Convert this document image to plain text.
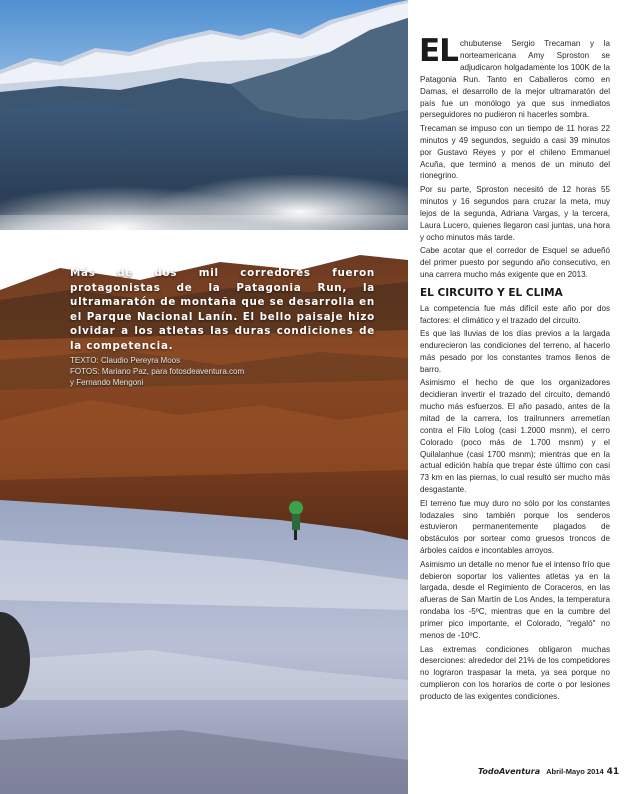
Más de dos mil corredores fueron protagonistas de la Patagonia Run, la ultramaratón de montaña que se desarrolla en el Parque Nacional Lanín. El bello paisaje hizo olvidar a los atletas las duras condiciones de la competencia.

TEXTO: Claudio Pereyra Moos
FOTOS: Mariano Paz, para fotosdeaventura.com
y Fernando Mengoni

EL chubutense Sergio Trecaman y la norteamericana Amy Sproston se adjudicaron holgadamente los 100K de la Patagonia Run. Tanto en Caballeros como en Damas, el desarrollo de la mejor ultramaratón del país fue un monólogo ya que sus inmediatos perseguidores no pudieron ni hacerles sombra.

Trecaman se impuso con un tiempo de 11 horas 22 minutos y 49 segundos, seguido a casi 39 minutos por Gustavo Reyes y por el chileno Emmanuel Acuña, que terminó a menos de un minuto del rionegrino.

Por su parte, Sproston necesitó de 12 horas 55 minutos y 16 segundos para cruzar la meta, muy lejos de la segunda, Adriana Vargas, y la tercera, Laura Lucero, quienes llegaron casi juntas, una hora y ocho minutos más tarde.

Cabe acotar que el corredor de Esquel se adueñó del primer puesto por segundo año consecutivo, en una carrera mucho más exigente que en 2013.

EL CIRCUITO Y EL CLIMA

La competencia fue más difícil este año por dos factores: el climático y el trazado del circuito.

Es que las lluvias de los días previos a la largada endurecieron las condiciones del terreno, al hacerlo más pesado por los constantes tramos llenos de barro.

Asimismo el hecho de que los organizadores decidieran invertir el trazado del circuito, demandó mucho más esfuerzos. El año pasado, antes de la mitad de la carrera, los trailrunners arremetían contra el Filo Lolog (casi 1.2000 msnm), el cerro Colorado (poco más de 1.700 msnm) y el Quilalanhue (casi 1700 msnm); mientras que en la actual edición había que trepar éste último con casi 73 km en las piernas, lo cual resultó ser mucho más desgastante.

El terreno fue muy duro no sólo por los constantes lodazales sino también porque los senderos estuvieron permanentemente plagados de obstáculos por sortear como gruesos troncos de árboles caídos e incontables arroyos.

Asimismo un detalle no menor fue el intenso frío que debieron soportar los valientes atletas ya en la largada, desde el Regimiento de Coraceros, en las afueras de San Martín de Los Andes, la temperatura rondaba los -5ºC, mientras que en la cumbre del primer pico importante, el Colorado, "regaló" no menos de -10ºC.

Las extremas condiciones obligaron muchas deserciones: alrededor del 21% de los competidores no lograron traspasar la meta, ya sea porque no cumplieron con los horarios de corte o por lesiones producto de las exigentes condiciones.

TodoAventura Abril-Mayo 2014 41
